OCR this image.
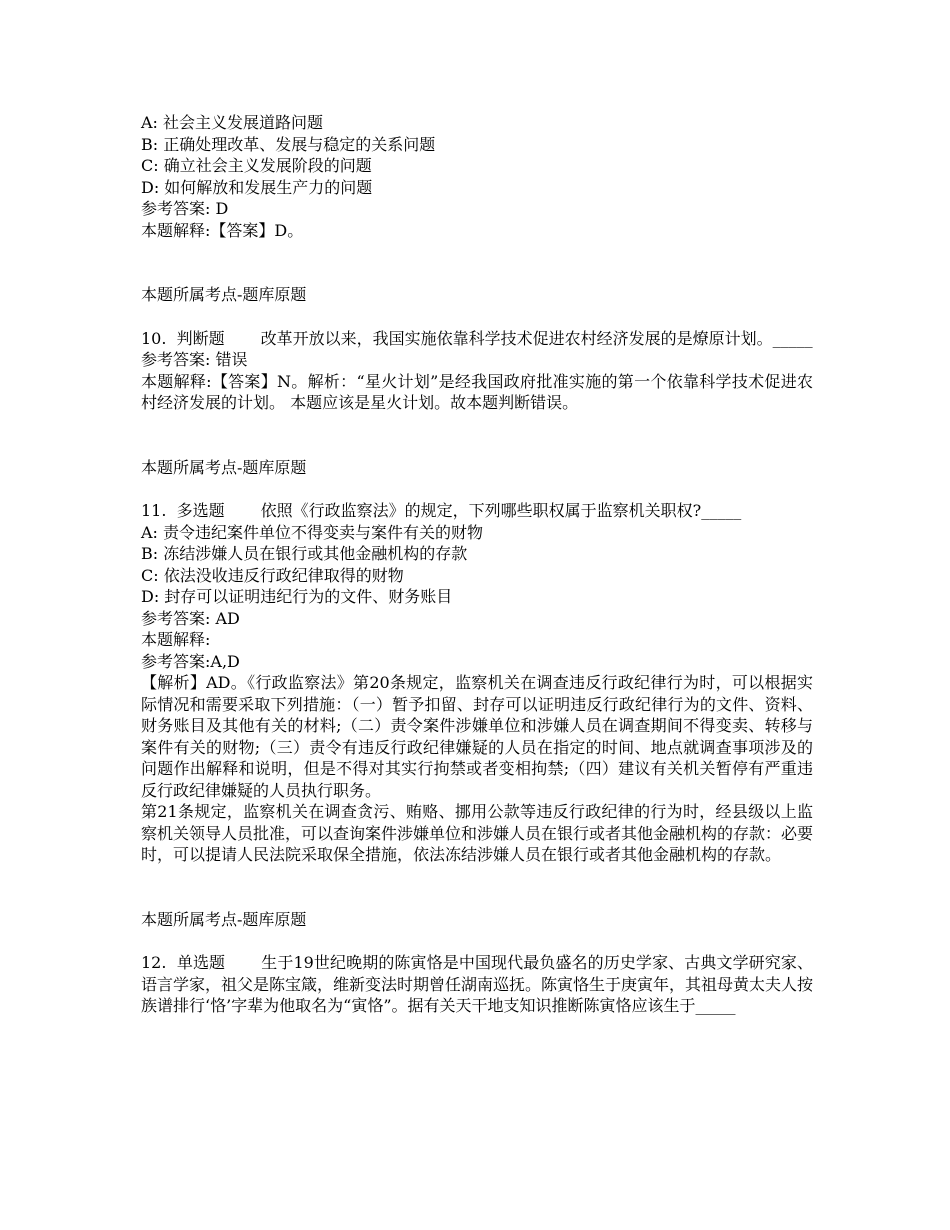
A: 社会主义发展道路问题

B: 正确处理改革、发展与稳定的关系问题

C: 确立社会主义发展阶段的问题

D: 如何解放和发展生产力的问题

参考答案: D

本题解释:【答案】D。

本题所属考点-题库原题

10. 判断题 改革开放以来，我国实施依靠科学技术促进农村经济发展的是燎原计划。_____

参考答案: 错误

本题解释:【答案】N。解析：“星火计划”是经我国政府批准实施的第一个依靠科学技术促进农村经济发展的计划。 本题应该是星火计划。故本题判断错误。

本题所属考点-题库原题

11. 多选题 依照《行政监察法》的规定，下列哪些职权属于监察机关职权?_____

A: 责令违纪案件单位不得变卖与案件有关的财物

B: 冻结涉嫌人员在银行或其他金融机构的存款

C: 依法没收违反行政纪律取得的财物

D: 封存可以证明违纪行为的文件、财务账目

参考答案: AD

本题解释:

参考答案:A,D

【解析】AD。《行政监察法》第20条规定，监察机关在调查违反行政纪律行为时，可以根据实际情况和需要采取下列措施：（一）暂予扣留、封存可以证明违反行政纪律行为的文件、资料、财务账目及其他有关的材料;（二）责令案件涉嫌单位和涉嫌人员在调查期间不得变卖、转移与案件有关的财物;（三）责令有违反行政纪律嫌疑的人员在指定的时间、地点就调查事项涉及的问题作出解释和说明，但是不得对其实行拘禁或者变相拘禁;（四）建议有关机关暂停有严重违反行政纪律嫌疑的人员执行职务。

第21条规定，监察机关在调查贪污、贿赂、挪用公款等违反行政纪律的行为时，经县级以上监察机关领导人员批准，可以查询案件涉嫌单位和涉嫌人员在银行或者其他金融机构的存款：必要时，可以提请人民法院采取保全措施，依法冻结涉嫌人员在银行或者其他金融机构的存款。

本题所属考点-题库原题

12. 单选题 生于19世纪晚期的陈寅恪是中国现代最负盛名的历史学家、古典文学研究家、语言学家，祖父是陈宝箴，维新变法时期曾任湖南巡抚。陈寅恪生于庚寅年，其祖母黄太夫人按族谱排行‘恪’字辈为他取名为“寅恪”。据有关天干地支知识推断陈寅恪应该生于_____
